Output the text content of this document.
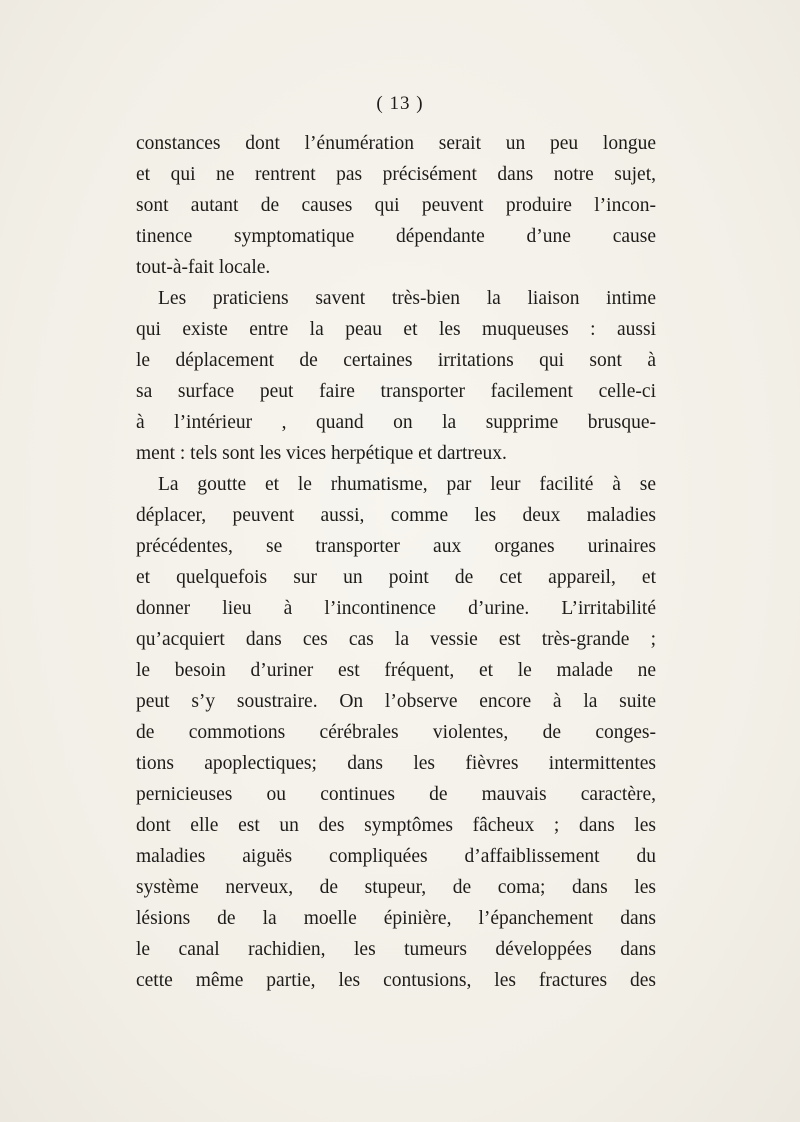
( 13 )
constances dont l’énumération serait un peu longue
et qui ne rentrent pas précisément dans notre sujet,
sont autant de causes qui peuvent produire l’incon-
tinence symptomatique dépendante d’une cause
tout-à-fait locale.
Les praticiens savent très-bien la liaison intime
qui existe entre la peau et les muqueuses : aussi
le déplacement de certaines irritations qui sont à
sa surface peut faire transporter facilement celle-ci
à l’intérieur , quand on la supprime brusque-
ment : tels sont les vices herpétique et dartreux.
La goutte et le rhumatisme, par leur facilité à se
déplacer, peuvent aussi, comme les deux maladies
précédentes, se transporter aux organes urinaires
et quelquefois sur un point de cet appareil, et
donner lieu à l’incontinence d’urine. L’irritabilité
qu’acquiert dans ces cas la vessie est très-grande ;
le besoin d’uriner est fréquent, et le malade ne
peut s’y soustraire. On l’observe encore à la suite
de commotions cérébrales violentes, de conges-
tions apoplectiques; dans les fièvres intermittentes
pernicieuses ou continues de mauvais caractère,
dont elle est un des symptômes fâcheux ; dans les
maladies aiguës compliquées d’affaiblissement du
système nerveux, de stupeur, de coma; dans les
lésions de la moelle épinière, l’épanchement dans
le canal rachidien, les tumeurs développées dans
cette même partie, les contusions, les fractures des
